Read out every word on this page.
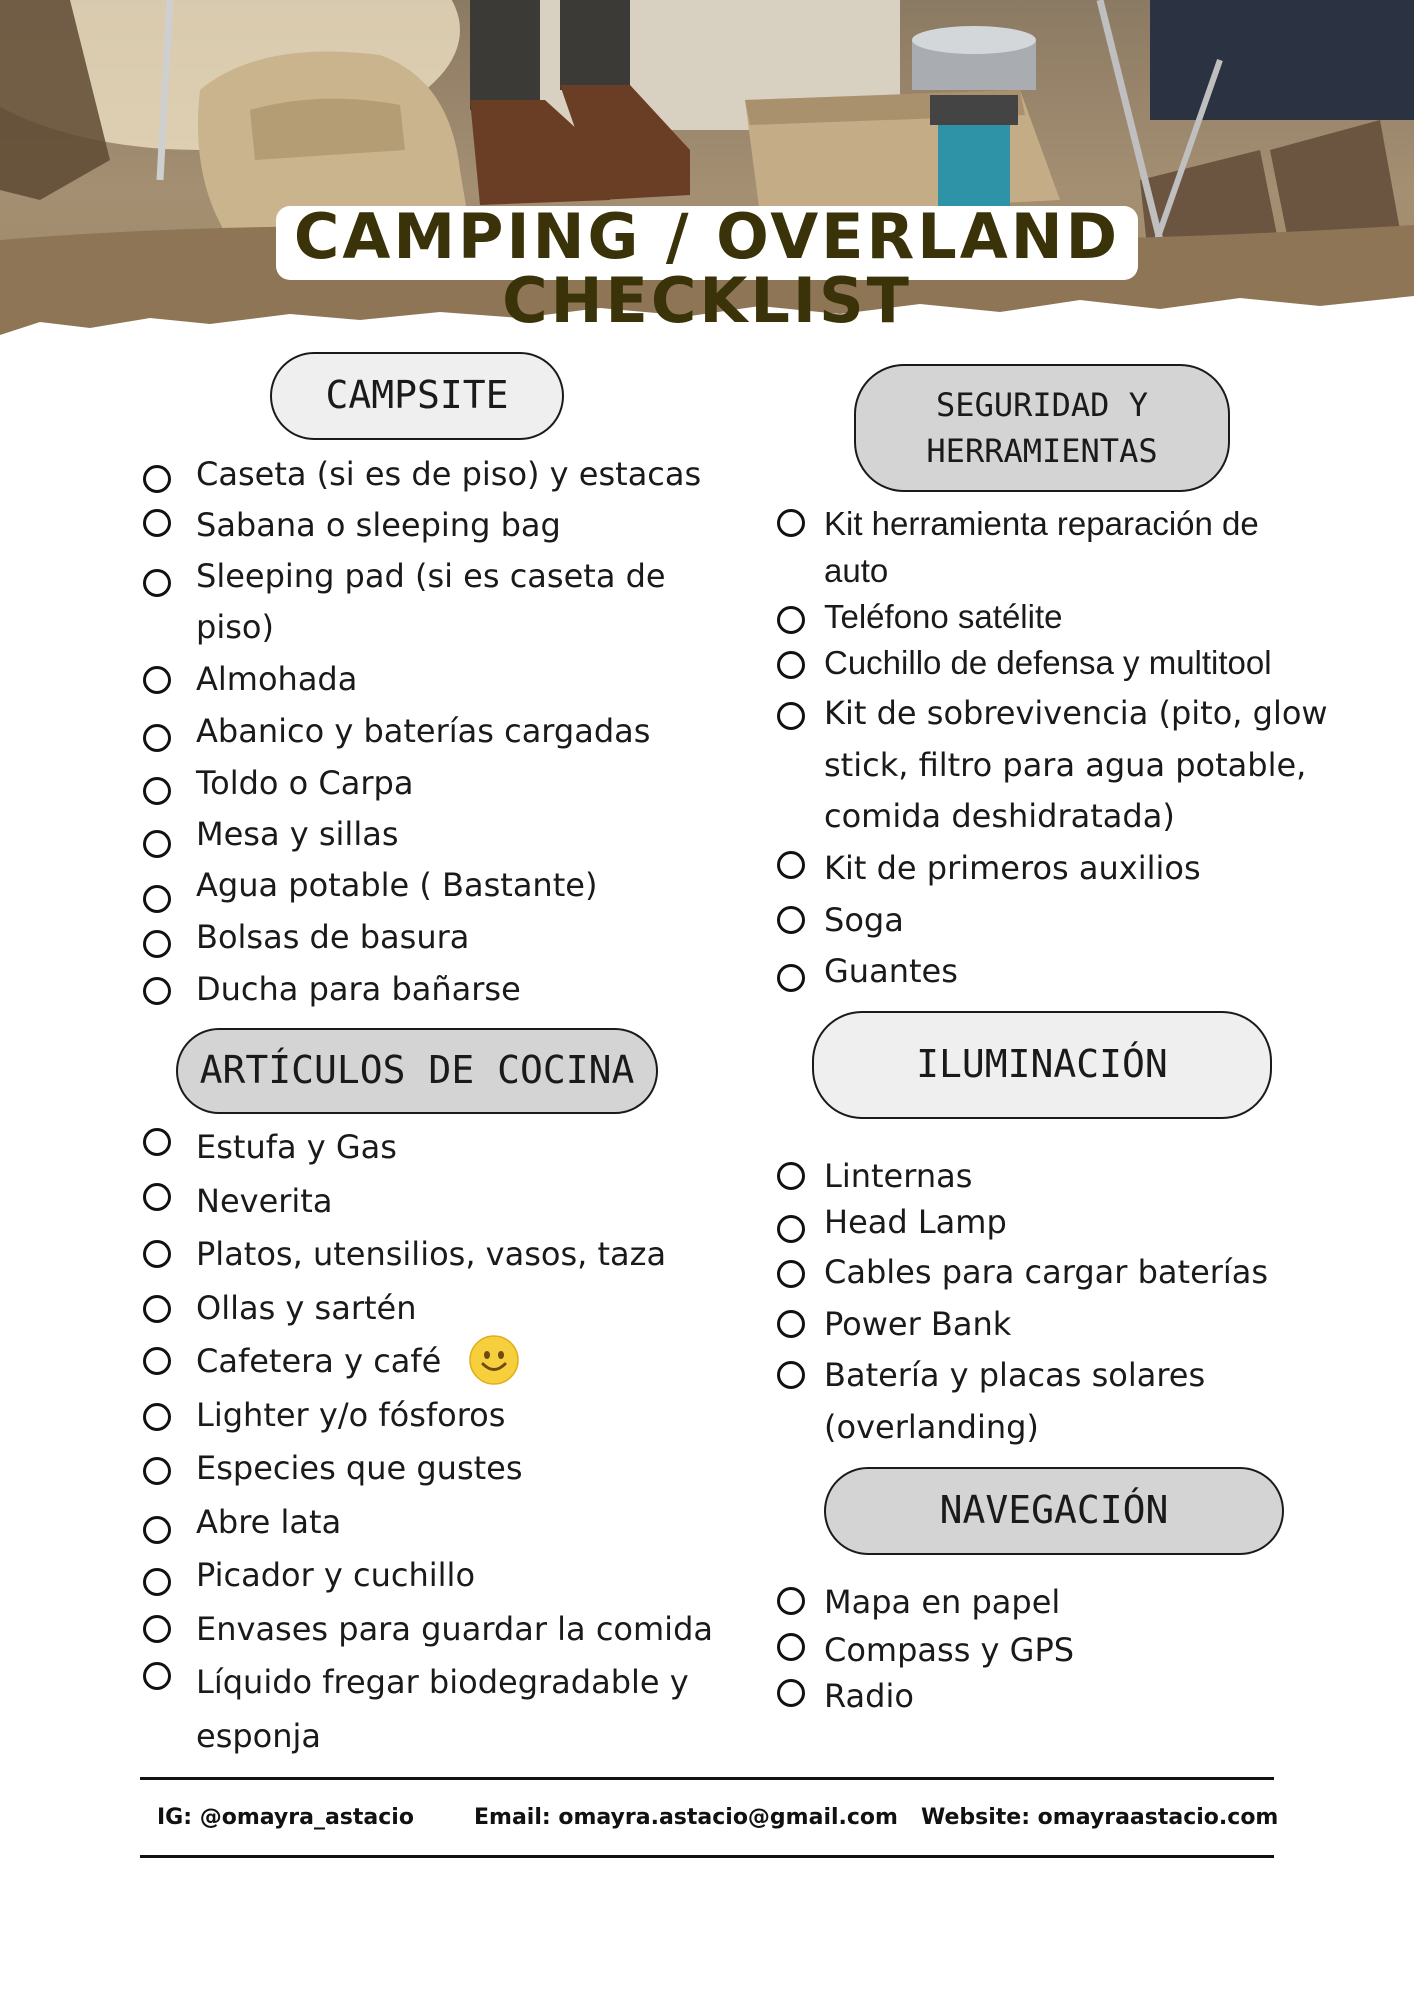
CAMPING / OVERLAND
CHECKLIST
CAMPSITE
Caseta (si es de piso) y estacas
Sabana o sleeping bag
Sleeping pad (si es caseta de
piso)
Almohada
Abanico y baterías cargadas
Toldo o Carpa
Mesa y sillas
Agua potable ( Bastante)
Bolsas de basura
Ducha para bañarse
ARTÍCULOS DE COCINA
Estufa y Gas
Neverita
Platos, utensilios, vasos, taza
Ollas y sartén
Cafetera y café
Lighter y/o fósforos
Especies que gustes
Abre lata
Picador y cuchillo
Envases para guardar la comida
Líquido fregar biodegradable y
esponja
SEGURIDAD Y
HERRAMIENTAS
Kit herramienta reparación de
auto
Teléfono satélite
Cuchillo de defensa y multitool
Kit de sobrevivencia (pito, glow
stick, filtro para agua potable,
comida deshidratada)
Kit de primeros auxilios
Soga
Guantes
ILUMINACIÓN
Linternas
Head Lamp
Cables para cargar baterías
Power Bank
Batería y placas solares
(overlanding)
NAVEGACIÓN
Mapa en papel
Compass y GPS
Radio
IG: @omayra_astacio	Email: omayra.astacio@gmail.com Website: omayraastacio.com
